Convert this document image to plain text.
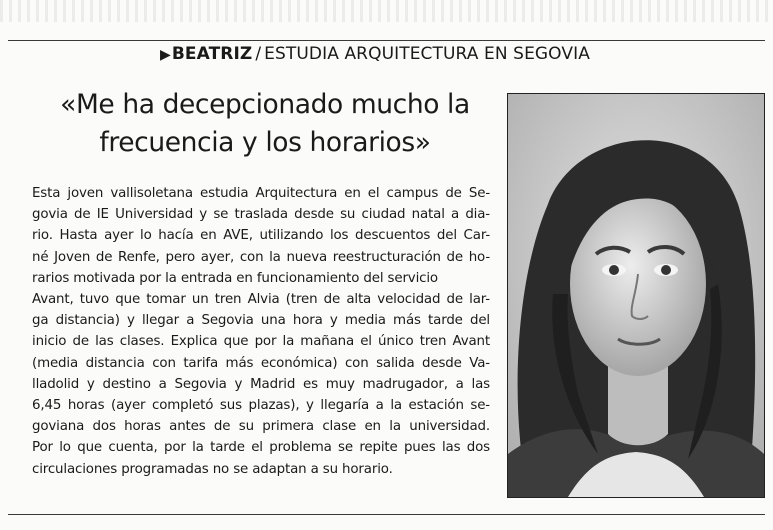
▶BEATRIZ / ESTUDIA ARQUITECTURA EN SEGOVIA
«Me ha decepcionado mucho la
frecuencia y los horarios»
Esta joven vallisoletana estudia Arquitectura en el campus de Se-
govia de IE Universidad y se traslada desde su ciudad natal a dia-
rio. Hasta ayer lo hacía en AVE, utilizando los descuentos del Car-
né Joven de Renfe, pero ayer, con la nueva reestructuración de ho-
rarios motivada por la entrada en funcionamiento del servicio
Avant, tuvo que tomar un tren Alvia (tren de alta velocidad de lar-
ga distancia) y llegar a Segovia una hora y media más tarde del
inicio de las clases. Explica que por la mañana el único tren Avant
(media distancia con tarifa más económica) con salida desde Va-
lladolid y destino a Segovia y Madrid es muy madrugador, a las
6,45 horas (ayer completó sus plazas), y llegaría a la estación se-
goviana dos horas antes de su primera clase en la universidad.
Por lo que cuenta, por la tarde el problema se repite pues las dos
circulaciones programadas no se adaptan a su horario.
